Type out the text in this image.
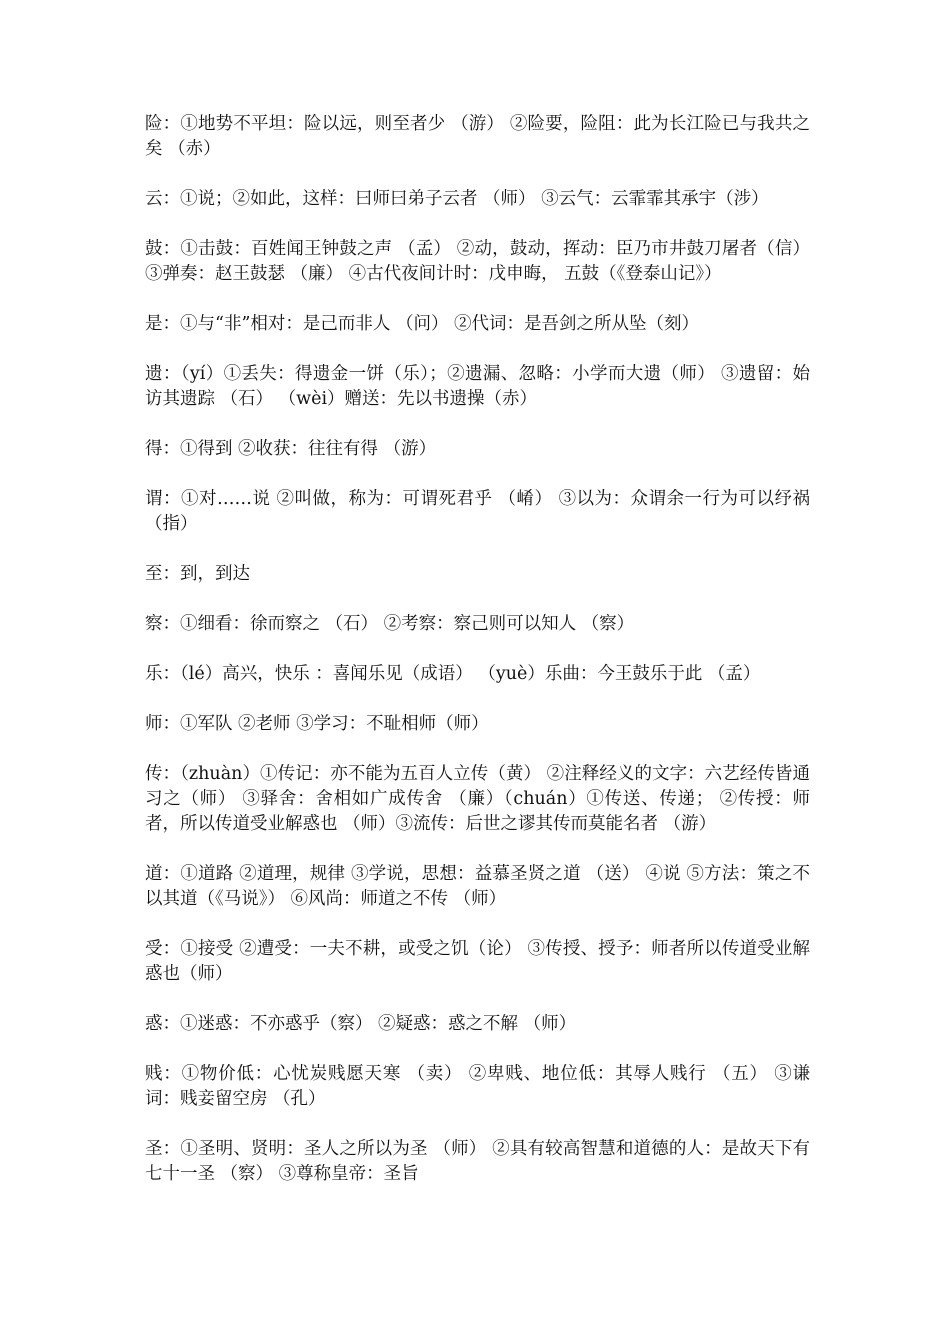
险：①地势不平坦：险以远，则至者少 （游） ②险要，险阻：此为长江险已与我共之矣 （赤）

云：①说；②如此，这样：曰师曰弟子云者 （师） ③云气：云霏霏其承宇（涉）

鼓：①击鼓：百姓闻王钟鼓之声 （孟） ②动，鼓动，挥动：臣乃市井鼓刀屠者（信） ③弹奏：赵王鼓瑟 （廉） ④古代夜间计时：戊申晦， 五鼓（《登泰山记》）

是：①与“非”相对：是己而非人 （问） ②代词：是吾剑之所从坠（刻）

遗：（yí）①丢失：得遗金一饼（乐）；②遗漏、忽略：小学而大遗（师） ③遗留：始访其遗踪 （石） （wèi）赠送：先以书遗操（赤）

得：①得到 ②收获：往往有得 （游）

谓：①对……说 ②叫做，称为：可谓死君乎 （崤） ③以为：众谓余一行为可以纾祸（指）

至：到，到达

察：①细看：徐而察之 （石） ②考察：察己则可以知人 （察）

乐：（lé）高兴，快乐 ：喜闻乐见（成语） （yuè）乐曲：今王鼓乐于此 （孟）

师：①军队 ②老师 ③学习：不耻相师（师）

传：（zhuàn）①传记：亦不能为五百人立传（黄） ②注释经义的文字：六艺经传皆通习之（师） ③驿舍：舍相如广成传舍 （廉）（chuán）①传送、传递； ②传授：师者，所以传道受业解惑也 （师）③流传：后世之谬其传而莫能名者 （游）

道：①道路 ②道理，规律 ③学说，思想：益慕圣贤之道 （送） ④说 ⑤方法：策之不以其道（《马说》） ⑥风尚：师道之不传 （师）

受：①接受 ②遭受：一夫不耕，或受之饥（论） ③传授、授予：师者所以传道受业解惑也（师）

惑：①迷惑：不亦惑乎（察） ②疑惑：惑之不解 （师）

贱：①物价低：心忧炭贱愿天寒 （卖） ②卑贱、地位低：其辱人贱行 （五） ③谦词：贱妾留空房 （孔）

圣：①圣明、贤明：圣人之所以为圣 （师） ②具有较高智慧和道德的人：是故天下有七十一圣 （察） ③尊称皇帝：圣旨
